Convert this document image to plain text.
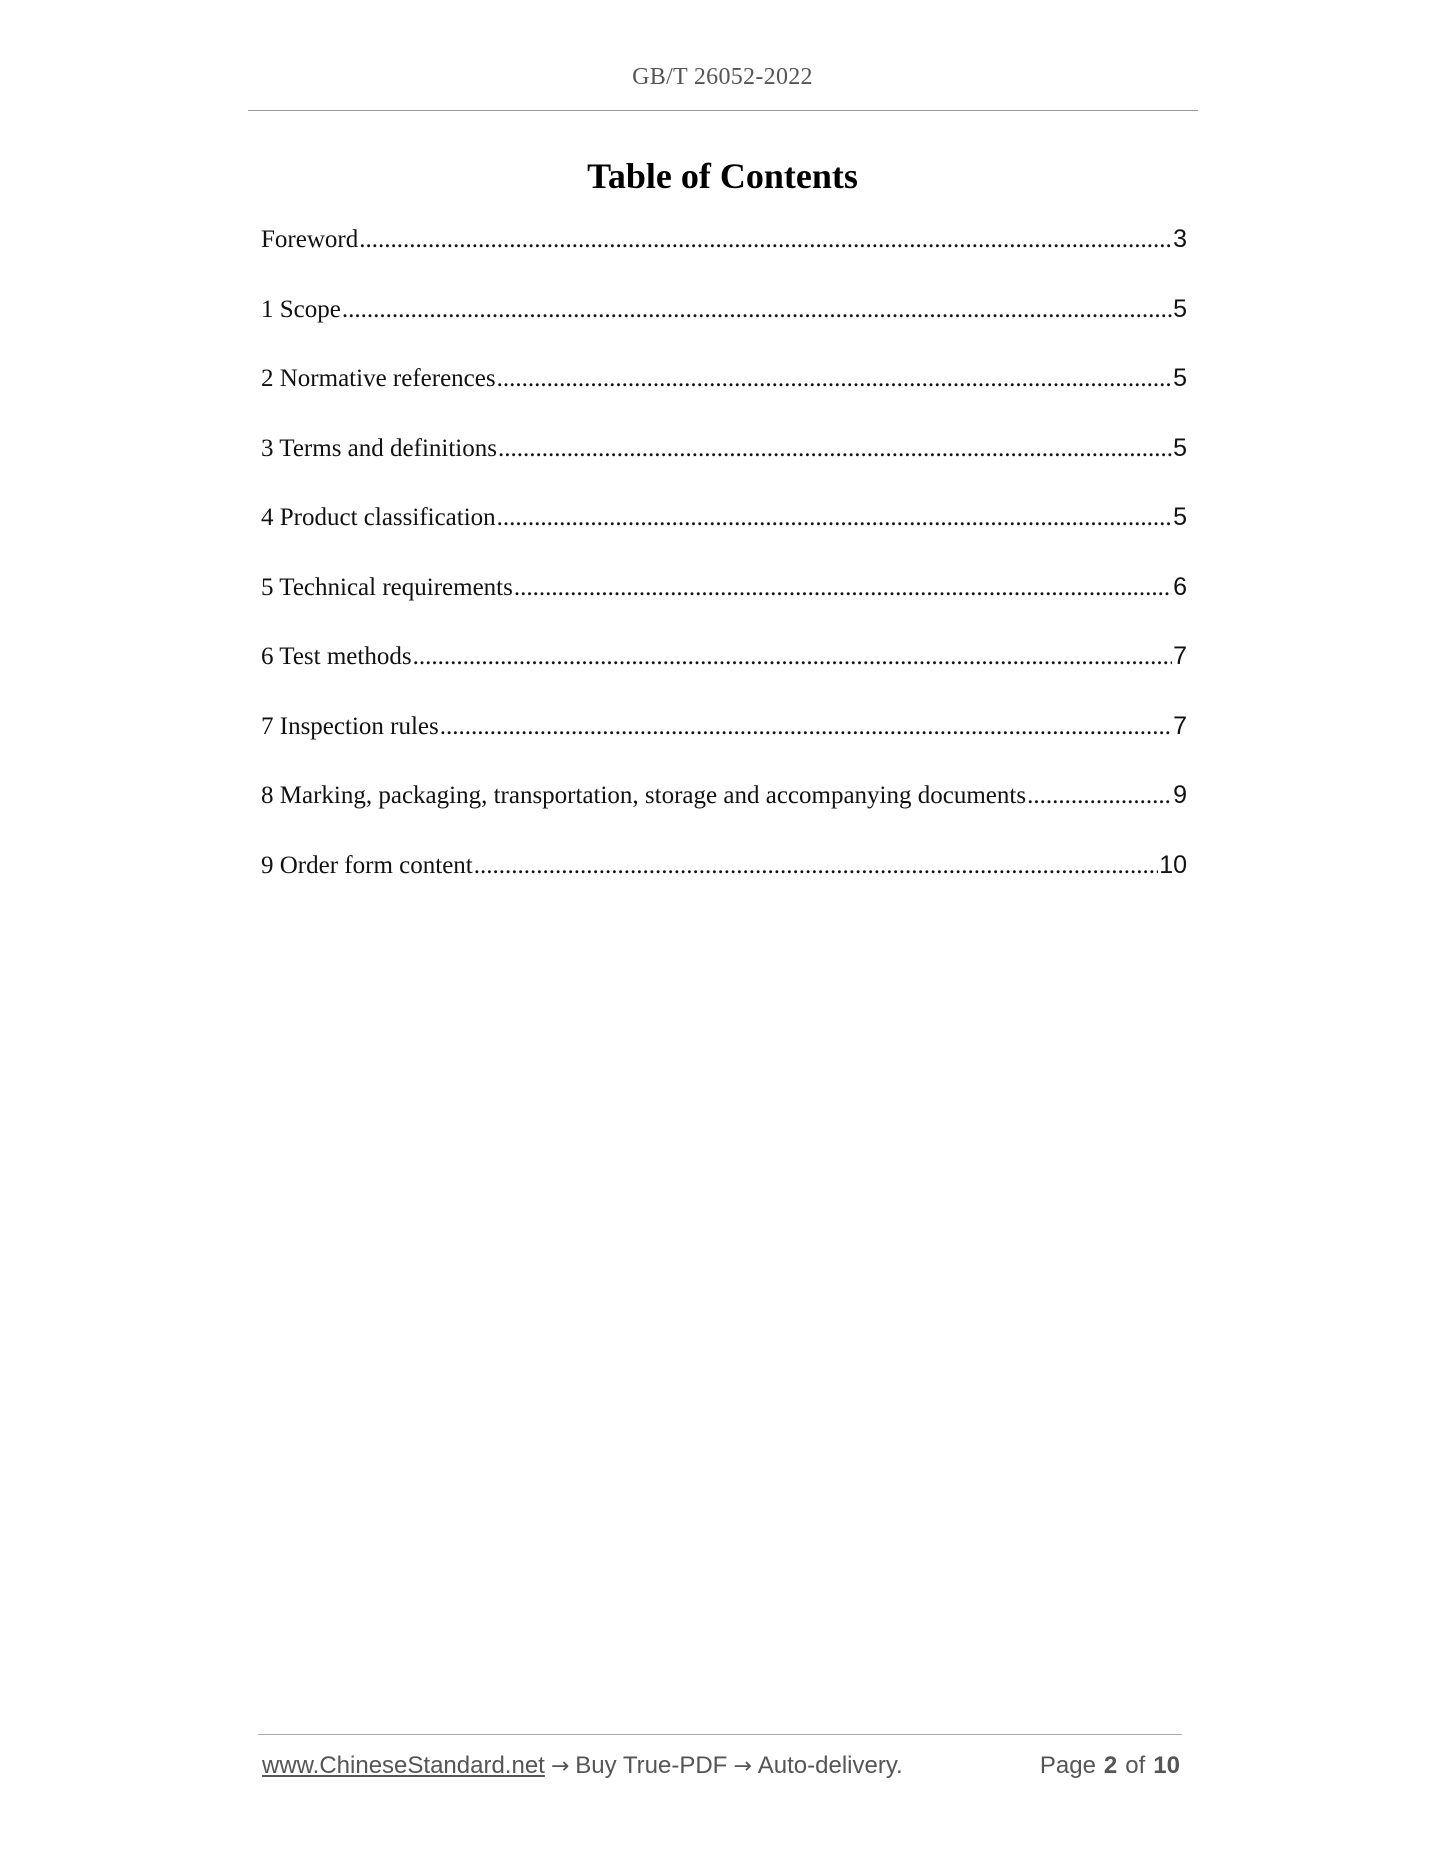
GB/T 26052-2022
Table of Contents
Foreword .....	3
1 Scope .....	5
2 Normative references .....	5
3 Terms and definitions .....	5
4 Product classification .....	5
5 Technical requirements .....	6
6 Test methods .....	7
7 Inspection rules .....	7
8 Marking, packaging, transportation, storage and accompanying documents .....	9
9 Order form content .....	10
www.ChineseStandard.net → Buy True-PDF → Auto-delivery.	Page 2 of 10
